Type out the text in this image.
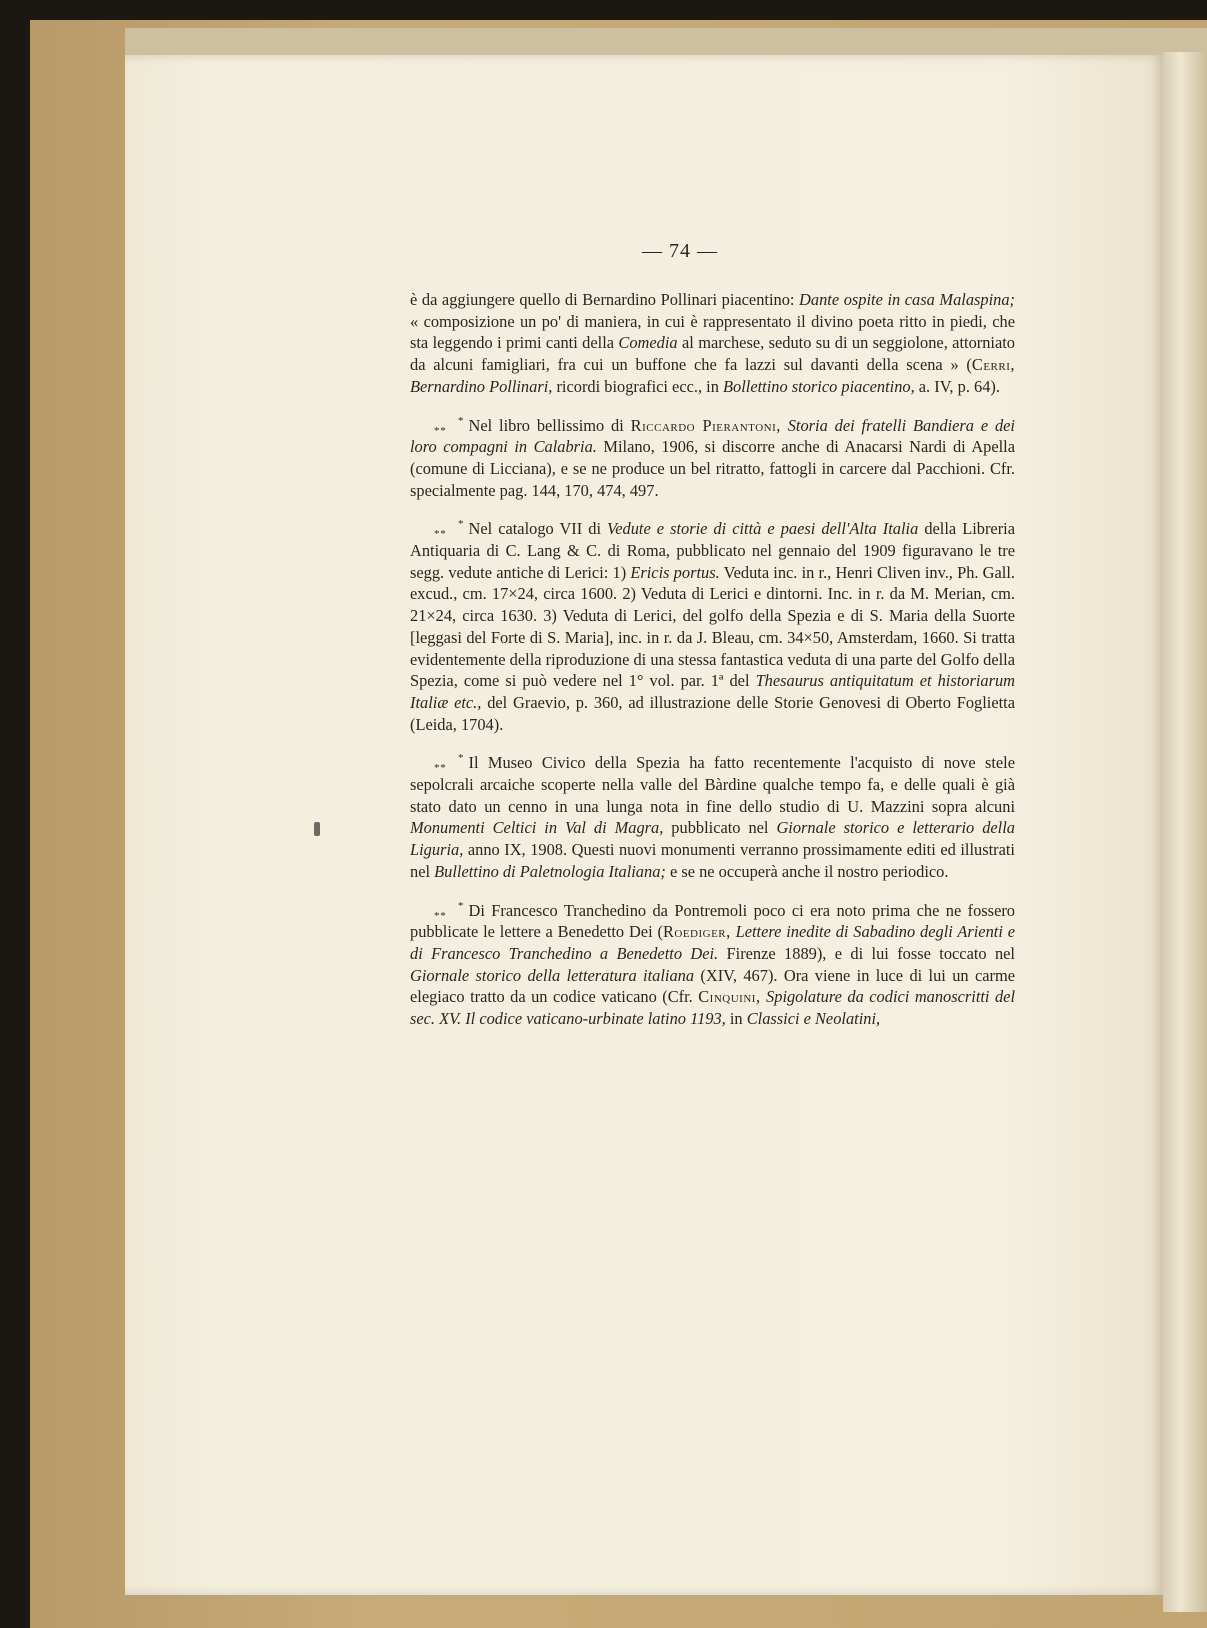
— 74 —

è da aggiungere quello di Bernardino Pollinari piacentino: Dante ospite in casa Malaspina; « composizione un po' di maniera, in cui è rappresentato il divino poeta ritto in piedi, che sta leggendo i primi canti della Comedia al marchese, seduto su di un seggiolone, attorniato da alcuni famigliari, fra cui un buffone che fa lazzi sul davanti della scena » (Cerri, Bernardino Pollinari, ricordi biografici ecc., in Bollettino storico piacentino, a. IV, p. 64).

*
* * Nel libro bellissimo di Riccardo Pierantoni, Storia dei fratelli Bandiera e dei loro compagni in Calabria. Milano, 1906, si discorre anche di Anacarsi Nardi di Apella (comune di Licciana), e se ne produce un bel ritratto, fattogli in carcere dal Pacchioni. Cfr. specialmente pag. 144, 170, 474, 497.

*
* * Nel catalogo VII di Vedute e storie di città e paesi dell'Alta Italia della Libreria Antiquaria di C. Lang & C. di Roma, pubblicato nel gennaio del 1909 figuravano le tre segg. vedute antiche di Lerici: 1) Ericis portus. Veduta inc. in r., Henri Cliven inv., Ph. Gall. excud., cm. 17×24, circa 1600. 2) Veduta di Lerici e dintorni. Inc. in r. da M. Merian, cm. 21×24, circa 1630. 3) Veduta di Lerici, del golfo della Spezia e di S. Maria della Suorte [leggasi del Forte di S. Maria], inc. in r. da J. Bleau, cm. 34×50, Amsterdam, 1660. Si tratta evidentemente della riproduzione di una stessa fantastica veduta di una parte del Golfo della Spezia, come si può vedere nel 1° vol. par. 1ª del Thesaurus antiquitatum et historiarum Italiæ etc., del Graevio, p. 360, ad illustrazione delle Storie Genovesi di Oberto Foglietta (Leida, 1704).

*
* * Il Museo Civico della Spezia ha fatto recentemente l'acquisto di nove stele sepolcrali arcaiche scoperte nella valle del Bàrdine qualche tempo fa, e delle quali è già stato dato un cenno in una lunga nota in fine dello studio di U. Mazzini sopra alcuni Monumenti Celtici in Val di Magra, pubblicato nel Giornale storico e letterario della Liguria, anno IX, 1908. Questi nuovi monumenti verranno prossimamente editi ed illustrati nel Bullettino di Paletnologia Italiana; e se ne occuperà anche il nostro periodico.

*
* * Di Francesco Tranchedino da Pontremoli poco ci era noto prima che ne fossero pubblicate le lettere a Benedetto Dei (Roediger, Lettere inedite di Sabadino degli Arienti e di Francesco Tranchedino a Benedetto Dei. Firenze 1889), e di lui fosse toccato nel Giornale storico della letteratura italiana (XIV, 467). Ora viene in luce di lui un carme elegiaco tratto da un codice vaticano (Cfr. Cinquini, Spigolature da codici manoscritti del sec. XV. Il codice vaticano-urbinate latino 1193, in Classici e Neolatini,
